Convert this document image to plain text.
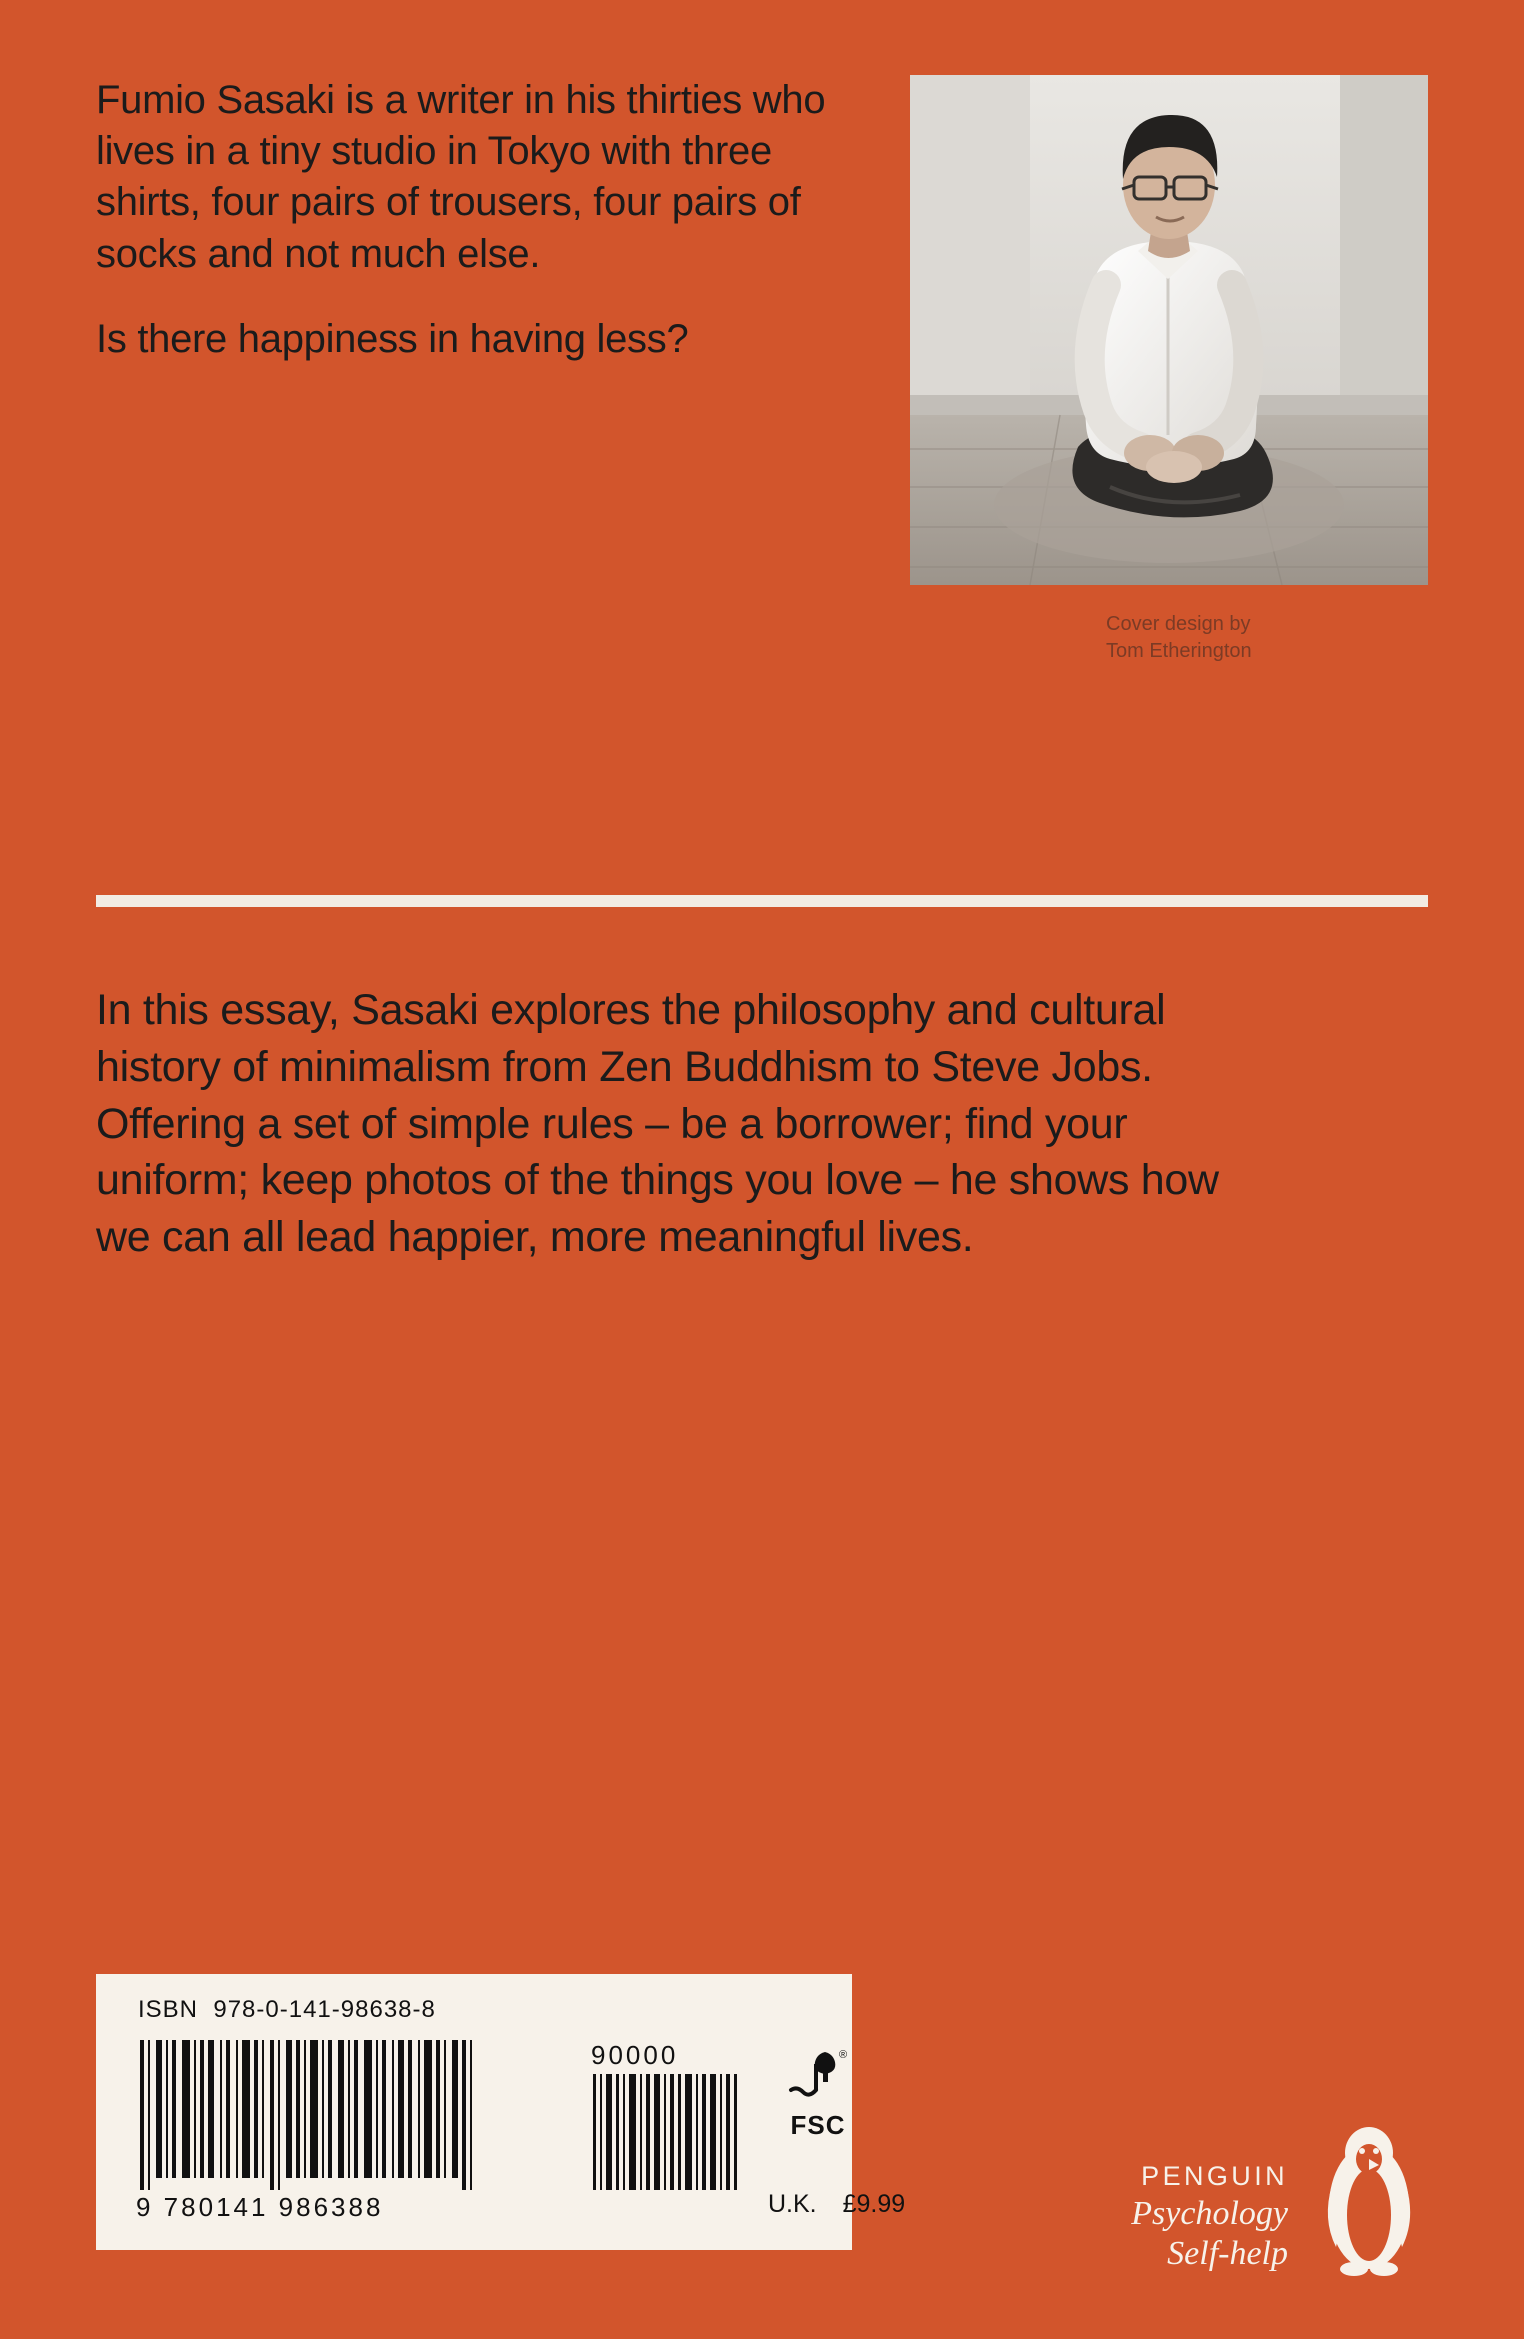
Fumio Sasaki is a writer in his thirties who lives in a tiny studio in Tokyo with three shirts, four pairs of trousers, four pairs of socks and not much else.

Is there happiness in having less?

Cover design by
Tom Etherington
In this essay, Sasaki explores the philosophy and cultural history of minimalism from Zen Buddhism to Steve Jobs. Offering a set of simple rules – be a borrower; find your uniform; keep photos of the things you love – he shows how we can all lead happier, more meaningful lives.
ISBN 978-0-141-98638-8
9 780141 986388
90000
U.K. £9.99
®
FSC
PENGUIN
Psychology
Self-help
